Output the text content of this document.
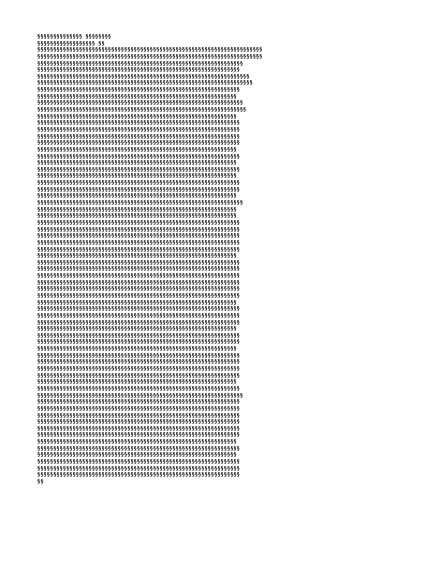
§§§§§§§§§§§§§§ §§§§§§§§
§§§§§§§§§§§§§§§§§§ §§
§§§§§§§§§§§§§§§§§§§§§§§§§§§§§§§§§§§§§§§§§§§§§§§§§§§§§§§§§§§§§§§§§§§§§§
§§§§§§§§§§§§§§§§§§§§§§§§§§§§§§§§§§§§§§§§§§§§§§§§§§§§§§§§§§§§§§§§§§§§§§
§§§§§§§§§§§§§§§§§§§§§§§§§§§§§§§§§§§§§§§§§§§§§§§§§§§§§§§§§§§§§§§§
§§§§§§§§§§§§§§§§§§§§§§§§§§§§§§§§§§§§§§§§§§§§§§§§§§§§§§§§§§§§§§§
§§§§§§§§§§§§§§§§§§§§§§§§§§§§§§§§§§§§§§§§§§§§§§§§§§§§§§§§§§§§§§§§§§
§§§§§§§§§§§§§§§§§§§§§§§§§§§§§§§§§§§§§§§§§§§§§§§§§§§§§§§§§§§§§§§§§§§
§§§§§§§§§§§§§§§§§§§§§§§§§§§§§§§§§§§§§§§§§§§§§§§§§§§§§§§§§§§§§§§
§§§§§§§§§§§§§§§§§§§§§§§§§§§§§§§§§§§§§§§§§§§§§§§§§§§§§§§§§§§§§§
§§§§§§§§§§§§§§§§§§§§§§§§§§§§§§§§§§§§§§§§§§§§§§§§§§§§§§§§§§§§§§§§
§§§§§§§§§§§§§§§§§§§§§§§§§§§§§§§§§§§§§§§§§§§§§§§§§§§§§§§§§§§§§§§§§
§§§§§§§§§§§§§§§§§§§§§§§§§§§§§§§§§§§§§§§§§§§§§§§§§§§§§§§§§§§§§§
§§§§§§§§§§§§§§§§§§§§§§§§§§§§§§§§§§§§§§§§§§§§§§§§§§§§§§§§§§§§§§§
§§§§§§§§§§§§§§§§§§§§§§§§§§§§§§§§§§§§§§§§§§§§§§§§§§§§§§§§§§§§§§§
§§§§§§§§§§§§§§§§§§§§§§§§§§§§§§§§§§§§§§§§§§§§§§§§§§§§§§§§§§§§§§§
§§§§§§§§§§§§§§§§§§§§§§§§§§§§§§§§§§§§§§§§§§§§§§§§§§§§§§§§§§§§§§§
§§§§§§§§§§§§§§§§§§§§§§§§§§§§§§§§§§§§§§§§§§§§§§§§§§§§§§§§§§§§§§
§§§§§§§§§§§§§§§§§§§§§§§§§§§§§§§§§§§§§§§§§§§§§§§§§§§§§§§§§§§§§§§
§§§§§§§§§§§§§§§§§§§§§§§§§§§§§§§§§§§§§§§§§§§§§§§§§§§§§§§§§§§§§§
§§§§§§§§§§§§§§§§§§§§§§§§§§§§§§§§§§§§§§§§§§§§§§§§§§§§§§§§§§§§§§§
§§§§§§§§§§§§§§§§§§§§§§§§§§§§§§§§§§§§§§§§§§§§§§§§§§§§§§§§§§§§§§
§§§§§§§§§§§§§§§§§§§§§§§§§§§§§§§§§§§§§§§§§§§§§§§§§§§§§§§§§§§§§§§
§§§§§§§§§§§§§§§§§§§§§§§§§§§§§§§§§§§§§§§§§§§§§§§§§§§§§§§§§§§§§§§
§§§§§§§§§§§§§§§§§§§§§§§§§§§§§§§§§§§§§§§§§§§§§§§§§§§§§§§§§§§§§§
§§§§§§§§§§§§§§§§§§§§§§§§§§§§§§§§§§§§§§§§§§§§§§§§§§§§§§§§§§§§§§§§
§§§§§§§§§§§§§§§§§§§§§§§§§§§§§§§§§§§§§§§§§§§§§§§§§§§§§§§§§§§§§§
§§§§§§§§§§§§§§§§§§§§§§§§§§§§§§§§§§§§§§§§§§§§§§§§§§§§§§§§§§§§§§
§§§§§§§§§§§§§§§§§§§§§§§§§§§§§§§§§§§§§§§§§§§§§§§§§§§§§§§§§§§§§§§
§§§§§§§§§§§§§§§§§§§§§§§§§§§§§§§§§§§§§§§§§§§§§§§§§§§§§§§§§§§§§§§
§§§§§§§§§§§§§§§§§§§§§§§§§§§§§§§§§§§§§§§§§§§§§§§§§§§§§§§§§§§§§§§
§§§§§§§§§§§§§§§§§§§§§§§§§§§§§§§§§§§§§§§§§§§§§§§§§§§§§§§§§§§§§§§
§§§§§§§§§§§§§§§§§§§§§§§§§§§§§§§§§§§§§§§§§§§§§§§§§§§§§§§§§§§§§§§
§§§§§§§§§§§§§§§§§§§§§§§§§§§§§§§§§§§§§§§§§§§§§§§§§§§§§§§§§§§§§§
§§§§§§§§§§§§§§§§§§§§§§§§§§§§§§§§§§§§§§§§§§§§§§§§§§§§§§§§§§§§§§§
§§§§§§§§§§§§§§§§§§§§§§§§§§§§§§§§§§§§§§§§§§§§§§§§§§§§§§§§§§§§§§§
§§§§§§§§§§§§§§§§§§§§§§§§§§§§§§§§§§§§§§§§§§§§§§§§§§§§§§§§§§§§§§§
§§§§§§§§§§§§§§§§§§§§§§§§§§§§§§§§§§§§§§§§§§§§§§§§§§§§§§§§§§§§§§§
§§§§§§§§§§§§§§§§§§§§§§§§§§§§§§§§§§§§§§§§§§§§§§§§§§§§§§§§§§§§§§§
§§§§§§§§§§§§§§§§§§§§§§§§§§§§§§§§§§§§§§§§§§§§§§§§§§§§§§§§§§§§§§§
§§§§§§§§§§§§§§§§§§§§§§§§§§§§§§§§§§§§§§§§§§§§§§§§§§§§§§§§§§§§§§
§§§§§§§§§§§§§§§§§§§§§§§§§§§§§§§§§§§§§§§§§§§§§§§§§§§§§§§§§§§§§§§
§§§§§§§§§§§§§§§§§§§§§§§§§§§§§§§§§§§§§§§§§§§§§§§§§§§§§§§§§§§§§§§
§§§§§§§§§§§§§§§§§§§§§§§§§§§§§§§§§§§§§§§§§§§§§§§§§§§§§§§§§§§§§§§
§§§§§§§§§§§§§§§§§§§§§§§§§§§§§§§§§§§§§§§§§§§§§§§§§§§§§§§§§§§§§§
§§§§§§§§§§§§§§§§§§§§§§§§§§§§§§§§§§§§§§§§§§§§§§§§§§§§§§§§§§§§§§§
§§§§§§§§§§§§§§§§§§§§§§§§§§§§§§§§§§§§§§§§§§§§§§§§§§§§§§§§§§§§§§§
§§§§§§§§§§§§§§§§§§§§§§§§§§§§§§§§§§§§§§§§§§§§§§§§§§§§§§§§§§§§§§
§§§§§§§§§§§§§§§§§§§§§§§§§§§§§§§§§§§§§§§§§§§§§§§§§§§§§§§§§§§§§§§
§§§§§§§§§§§§§§§§§§§§§§§§§§§§§§§§§§§§§§§§§§§§§§§§§§§§§§§§§§§§§§§
§§§§§§§§§§§§§§§§§§§§§§§§§§§§§§§§§§§§§§§§§§§§§§§§§§§§§§§§§§§§§§§
§§§§§§§§§§§§§§§§§§§§§§§§§§§§§§§§§§§§§§§§§§§§§§§§§§§§§§§§§§§§§§§
§§§§§§§§§§§§§§§§§§§§§§§§§§§§§§§§§§§§§§§§§§§§§§§§§§§§§§§§§§§§§§
§§§§§§§§§§§§§§§§§§§§§§§§§§§§§§§§§§§§§§§§§§§§§§§§§§§§§§§§§§§§§§§
§§§§§§§§§§§§§§§§§§§§§§§§§§§§§§§§§§§§§§§§§§§§§§§§§§§§§§§§§§§§§§§§
§§§§§§§§§§§§§§§§§§§§§§§§§§§§§§§§§§§§§§§§§§§§§§§§§§§§§§§§§§§§§§§
§§§§§§§§§§§§§§§§§§§§§§§§§§§§§§§§§§§§§§§§§§§§§§§§§§§§§§§§§§§§§§§
§§§§§§§§§§§§§§§§§§§§§§§§§§§§§§§§§§§§§§§§§§§§§§§§§§§§§§§§§§§§§§§
§§§§§§§§§§§§§§§§§§§§§§§§§§§§§§§§§§§§§§§§§§§§§§§§§§§§§§§§§§§§§§§
§§§§§§§§§§§§§§§§§§§§§§§§§§§§§§§§§§§§§§§§§§§§§§§§§§§§§§§§§§§§§§§
§§§§§§§§§§§§§§§§§§§§§§§§§§§§§§§§§§§§§§§§§§§§§§§§§§§§§§§§§§§§§§§
§§§§§§§§§§§§§§§§§§§§§§§§§§§§§§§§§§§§§§§§§§§§§§§§§§§§§§§§§§§§§§
§§§§§§§§§§§§§§§§§§§§§§§§§§§§§§§§§§§§§§§§§§§§§§§§§§§§§§§§§§§§§§§
§§§§§§§§§§§§§§§§§§§§§§§§§§§§§§§§§§§§§§§§§§§§§§§§§§§§§§§§§§§§§§
§§§§§§§§§§§§§§§§§§§§§§§§§§§§§§§§§§§§§§§§§§§§§§§§§§§§§§§§§§§§§§§
§§§§§§§§§§§§§§§§§§§§§§§§§§§§§§§§§§§§§§§§§§§§§§§§§§§§§§§§§§§§§§§
§§§§§§§§§§§§§§§§§§§§§§§§§§§§§§§§§§§§§§§§§§§§§§§§§§§§§§§§§§§§§§§
§§
